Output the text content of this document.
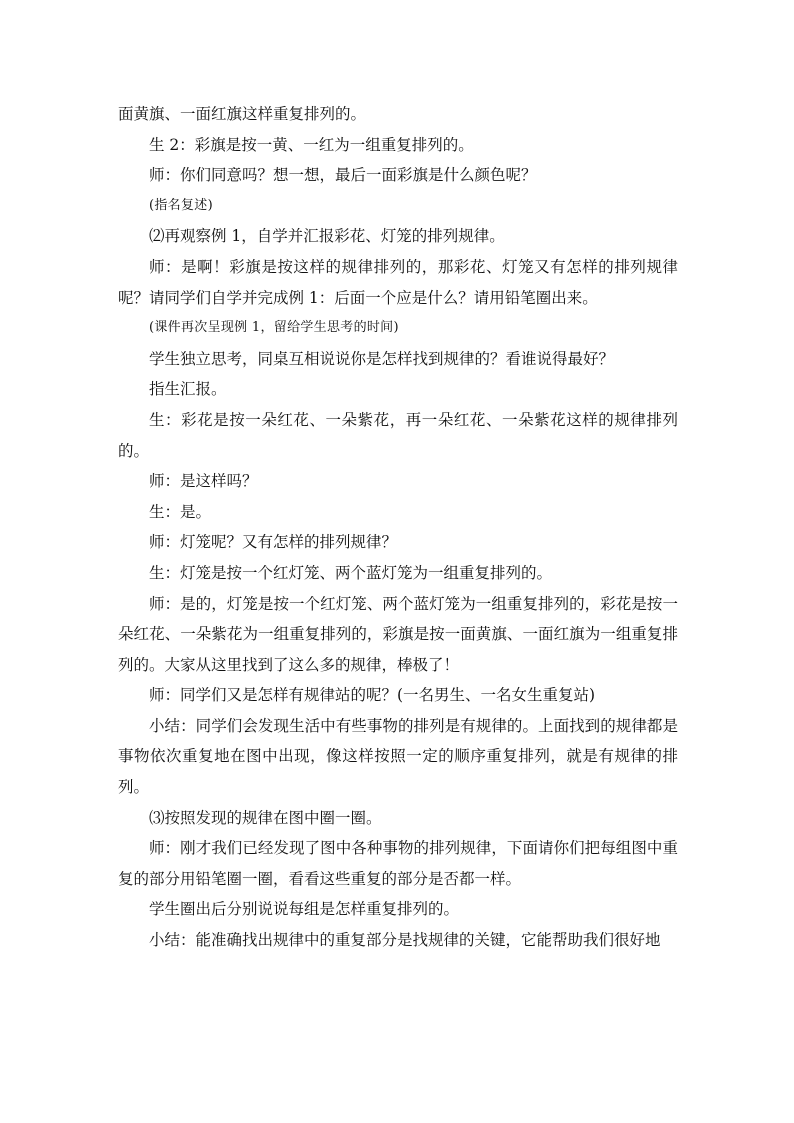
面黄旗、一面红旗这样重复排列的。

生 2：彩旗是按一黄、一红为一组重复排列的。

师：你们同意吗？想一想，最后一面彩旗是什么颜色呢？

(指名复述)

⑵再观察例 1，自学并汇报彩花、灯笼的排列规律。

师：是啊！彩旗是按这样的规律排列的，那彩花、灯笼又有怎样的排列规律呢？请同学们自学并完成例 1：后面一个应是什么？请用铅笔圈出来。

(课件再次呈现例 1，留给学生思考的时间)

学生独立思考，同桌互相说说你是怎样找到规律的？看谁说得最好？

指生汇报。

生：彩花是按一朵红花、一朵紫花，再一朵红花、一朵紫花这样的规律排列的。

师：是这样吗？

生：是。

师：灯笼呢？又有怎样的排列规律？

生：灯笼是按一个红灯笼、两个蓝灯笼为一组重复排列的。

师：是的，灯笼是按一个红灯笼、两个蓝灯笼为一组重复排列的，彩花是按一朵红花、一朵紫花为一组重复排列的，彩旗是按一面黄旗、一面红旗为一组重复排列的。大家从这里找到了这么多的规律，棒极了！

师：同学们又是怎样有规律站的呢？(一名男生、一名女生重复站)

小结：同学们会发现生活中有些事物的排列是有规律的。上面找到的规律都是事物依次重复地在图中出现，像这样按照一定的顺序重复排列，就是有规律的排列。

⑶按照发现的规律在图中圈一圈。

师：刚才我们已经发现了图中各种事物的排列规律，下面请你们把每组图中重复的部分用铅笔圈一圈，看看这些重复的部分是否都一样。

学生圈出后分别说说每组是怎样重复排列的。

小结：能准确找出规律中的重复部分是找规律的关键，它能帮助我们很好地
